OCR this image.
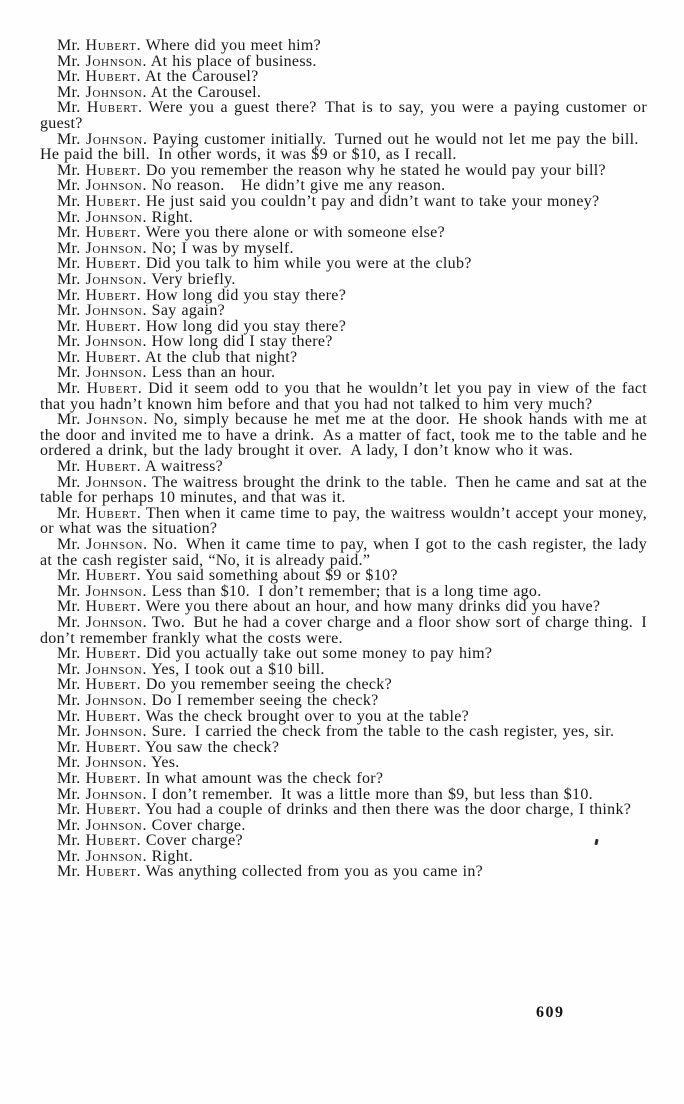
Mr. Hubert. Where did you meet him?

Mr. Johnson. At his place of business.

Mr. Hubert. At the Carousel?

Mr. Johnson. At the Carousel.

Mr. Hubert. Were you a guest there? That is to say, you were a paying customer or guest?

Mr. Johnson. Paying customer initially. Turned out he would not let me pay the bill. He paid the bill. In other words, it was $9 or $10, as I recall.

Mr. Hubert. Do you remember the reason why he stated he would pay your bill?

Mr. Johnson. No reason.  He didn’t give me any reason.

Mr. Hubert. He just said you couldn’t pay and didn’t want to take your money?

Mr. Johnson. Right.

Mr. Hubert. Were you there alone or with someone else?

Mr. Johnson. No; I was by myself.

Mr. Hubert. Did you talk to him while you were at the club?

Mr. Johnson. Very briefly.

Mr. Hubert. How long did you stay there?

Mr. Johnson. Say again?

Mr. Hubert. How long did you stay there?

Mr. Johnson. How long did I stay there?

Mr. Hubert. At the club that night?

Mr. Johnson. Less than an hour.

Mr. Hubert. Did it seem odd to you that he wouldn’t let you pay in view of the fact that you hadn’t known him before and that you had not talked to him very much?

Mr. Johnson. No, simply because he met me at the door. He shook hands with me at the door and invited me to have a drink. As a matter of fact, took me to the table and he ordered a drink, but the lady brought it over. A lady, I don’t know who it was.

Mr. Hubert. A waitress?

Mr. Johnson. The waitress brought the drink to the table. Then he came and sat at the table for perhaps 10 minutes, and that was it.

Mr. Hubert. Then when it came time to pay, the waitress wouldn’t accept your money, or what was the situation?

Mr. Johnson. No. When it came time to pay, when I got to the cash register, the lady at the cash register said, “No, it is already paid.”

Mr. Hubert. You said something about $9 or $10?

Mr. Johnson. Less than $10. I don’t remember; that is a long time ago.

Mr. Hubert. Were you there about an hour, and how many drinks did you have?

Mr. Johnson. Two. But he had a cover charge and a floor show sort of charge thing. I don’t remember frankly what the costs were.

Mr. Hubert. Did you actually take out some money to pay him?

Mr. Johnson. Yes, I took out a $10 bill.

Mr. Hubert. Do you remember seeing the check?

Mr. Johnson. Do I remember seeing the check?

Mr. Hubert. Was the check brought over to you at the table?

Mr. Johnson. Sure. I carried the check from the table to the cash register, yes, sir.

Mr. Hubert. You saw the check?

Mr. Johnson. Yes.

Mr. Hubert. In what amount was the check for?

Mr. Johnson. I don’t remember. It was a little more than $9, but less than $10.

Mr. Hubert. You had a couple of drinks and then there was the door charge, I think?

Mr. Johnson. Cover charge.

Mr. Hubert. Cover charge?

Mr. Johnson. Right.

Mr. Hubert. Was anything collected from you as you came in?

609
